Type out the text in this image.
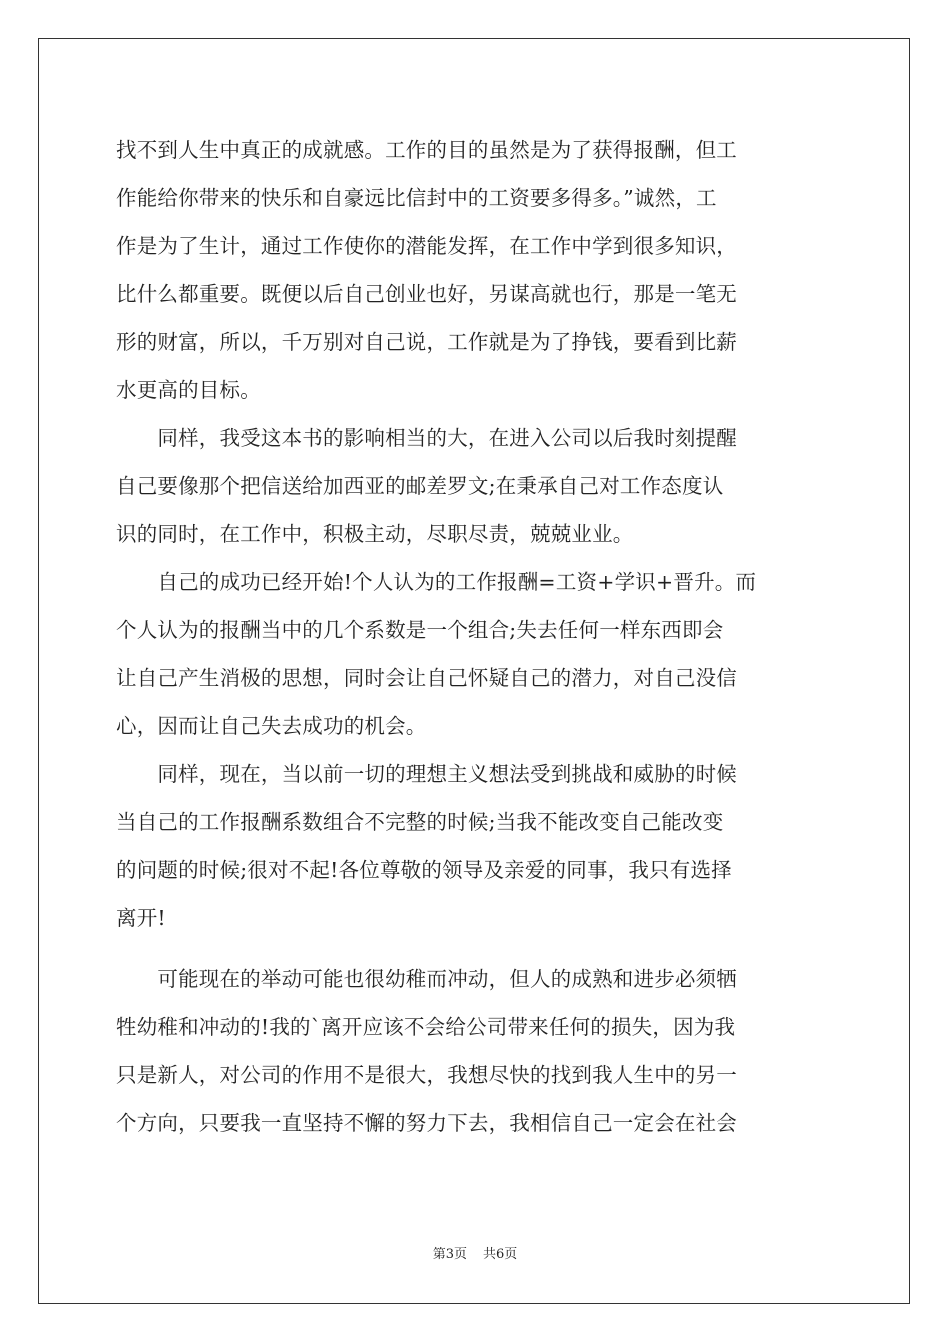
找不到人生中真正的成就感。工作的目的虽然是为了获得报酬，但工
作能给你带来的快乐和自豪远比信封中的工资要多得多。”诚然，工
作是为了生计，通过工作使你的潜能发挥，在工作中学到很多知识，
比什么都重要。既便以后自己创业也好，另谋高就也行，那是一笔无
形的财富，所以，千万别对自己说，工作就是为了挣钱，要看到比薪
水更高的目标。
　　同样，我受这本书的影响相当的大，在进入公司以后我时刻提醒
自己要像那个把信送给加西亚的邮差罗文;在秉承自己对工作态度认
识的同时，在工作中，积极主动，尽职尽责，兢兢业业。
　　自己的成功已经开始!个人认为的工作报酬=工资+学识+晋升。而
个人认为的报酬当中的几个系数是一个组合;失去任何一样东西即会
让自己产生消极的思想，同时会让自己怀疑自己的潜力，对自己没信
心，因而让自己失去成功的机会。
　　同样，现在，当以前一切的理想主义想法受到挑战和威胁的时候
当自己的工作报酬系数组合不完整的时候;当我不能改变自己能改变
的问题的时候;很对不起!各位尊敬的领导及亲爱的同事，我只有选择
离开!
　　可能现在的举动可能也很幼稚而冲动，但人的成熟和进步必须牺
牲幼稚和冲动的!我的`离开应该不会给公司带来任何的损失，因为我
只是新人，对公司的作用不是很大，我想尽快的找到我人生中的另一
个方向，只要我一直坚持不懈的努力下去，我相信自己一定会在社会
第3页 共6页
